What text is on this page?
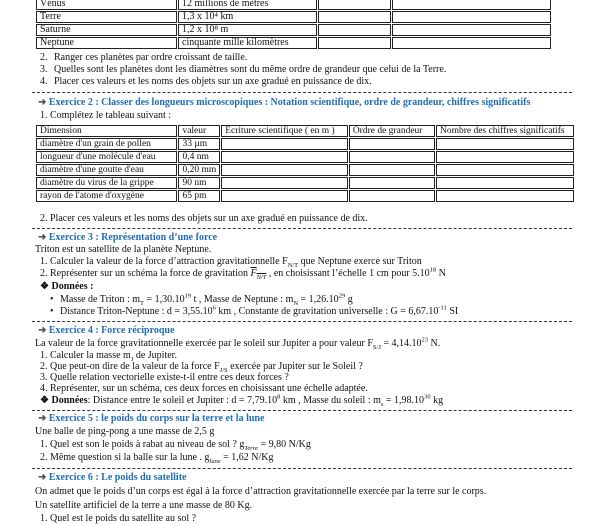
Vénus	12 millions de mètres		
Terre	1,3 x 10⁴ km		
Saturne	1,2 x 10⁸ m		
Neptune	cinquante mille kilomètres		
2. Ranger ces planètes par ordre croissant de taille.
3. Quelles sont les planètes dont les diamètres sont du même ordre de grandeur que celui de la Terre.
4. Placer ces valeurs et les noms des objets sur un axe gradué en puissance de dix.
➜ Exercice 2 : Classer des longueurs microscopiques : Notation scientifique, ordre de grandeur, chiffres significatifs
1. Complétez le tableau suivant :
Dimension	valeur	Ecriture scientifique ( en m )	Ordre de grandeur	Nombre des chiffres significatifs
diamètre d'un grain de pollen	33 µm			
longueur d'une molécule d'eau	0,4 nm			
diamètre d'une goutte d'eau	0,20 mm			
diamètre du virus de la grippe	90 nm			
rayon de l'atome d'oxygène	65 pm			
2. Placer ces valeurs et les noms des objets sur un axe gradué en puissance de dix.
➜ Exercice 3 : Représentation d’une force
Triton est un satellite de la planète Neptune.
1. Calculer la valeur de la force d’attraction gravitationnelle $F_{N/T}$ que Neptune exerce sur Triton
2. Représenter sur un schéma la force de gravitation $F_{N/T}$ , en choisissant l’échelle 1 cm pour 5.10$^{18}$ N
❖ Données :
• Masse de Triton : $m_T = 1,30.10^{19}$ t , Masse de Neptune : $m_N = 1,26.10^{29}$ g
• Distance Triton-Neptune : $d = 3,55.10^6$ km , Constante de gravitation universelle : $G = 6,67.10^{-11}$ SI
➜ Exercice 4 : Force réciproque
La valeur de la force gravitationnelle exercée par le soleil sur Jupiter a pour valeur $F_{S/J} = 4,14.10^{23}$ N.
1. Calculer la masse $m_J$ de Jupiter.
2. Que peut-on dire de la valeur de la force $F_{J/S}$ exercée par Jupiter sur le Soleil ?
3. Quelle relation vectorielle existe-t-il entre ces deux forces ?
4. Représenter, sur un schéma, ces deux forces en choisissant une échelle adaptée.
❖ Données: Distance entre le soleil et Jupiter : $d = 7,79.10^8$ km , Masse du soleil : $m_s = 1,98.10^{30}$ kg
➜ Exercice 5 : le poids du corps sur la terre et la lune
Une balle de ping-pong a une masse de 2,5 g
1. Quel est son le poids à rabat au niveau de sol ? $g_{Terre} = 9,80$ N/Kg
2. Même question si la balle sur la lune . $g_{lune} = 1,62$ N/Kg
➜ Exercice 6 : Le poids du satellite
On admet que le poids d’un corps est égal à la force d’attraction gravitationnelle exercée par la terre sur le corps.
Un satellite artificiel de la terre a une masse de 80 Kg.
1. Quel est le poids du satellite au sol ?
